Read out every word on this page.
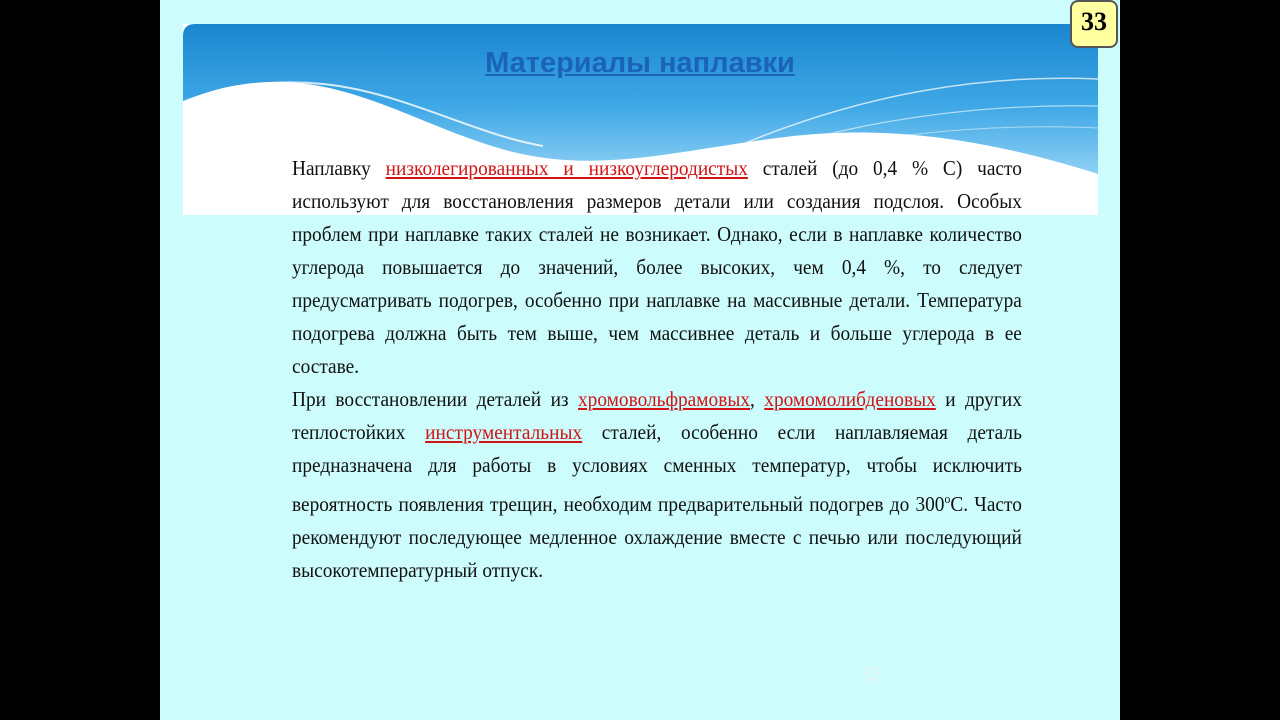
Материалы наплавки

Наплавку низколегированных и низкоуглеродистых сталей (до 0,4 % С) часто используют для восстановления размеров детали или создания подслоя. Особых проблем при наплавке таких сталей не возникает. Однако, если в наплавке количество углерода повышается до значений, более высоких, чем 0,4 %, то следует предусматривать подогрев, особенно при наплавке на массивные детали. Температура подогрева должна быть тем выше, чем массивнее деталь и больше углерода в ее составе.

При восстановлении деталей из хромовольфрамовых, хромомолибденовых и других теплостойких инструментальных сталей, особенно если наплавляемая деталь предназначена для работы в условиях сменных температур, чтобы исключить вероятность появления трещин, необходим предварительный подогрев до $300^оС$. Часто рекомендуют последующее медленное охлаждение вместе с печью или последующий высокотемпературный отпуск.

33
33
